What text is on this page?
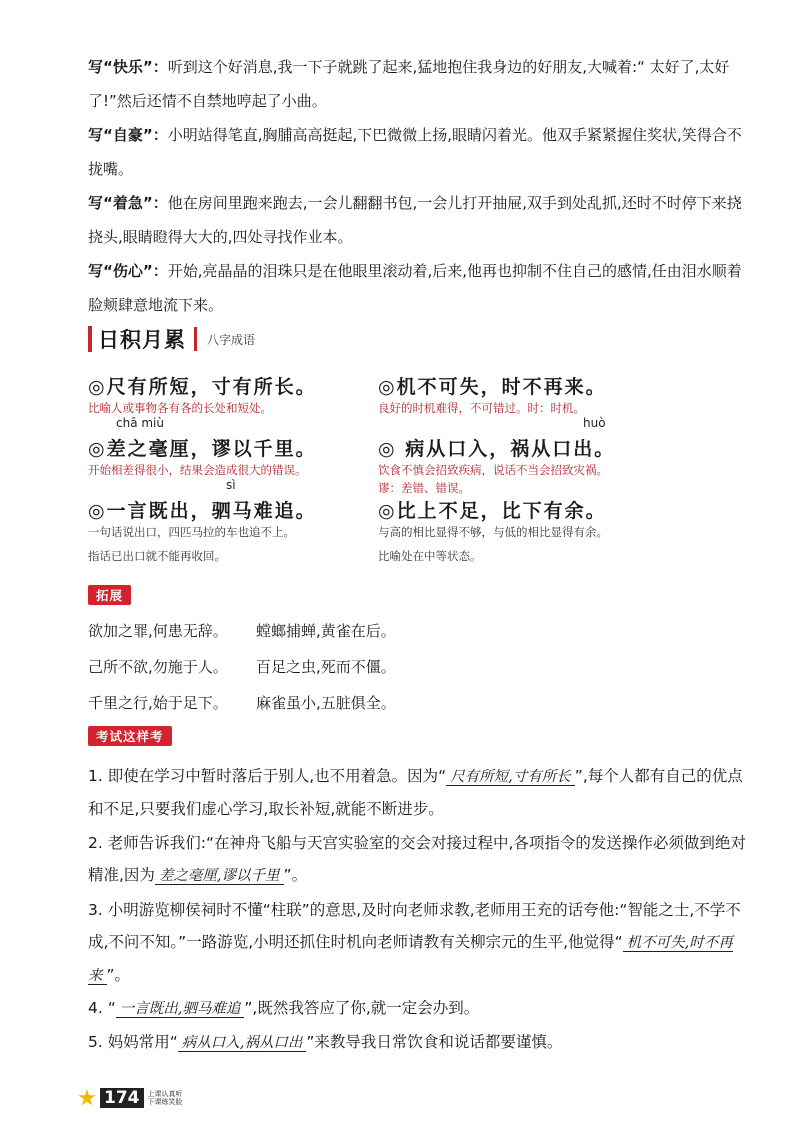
写“快乐”：听到这个好消息,我一下子就跳了起来,猛地抱住我身边的好朋友,大喊着:“ 太好了,太好了!”然后还情不自禁地哼起了小曲。

写“自豪”：小明站得笔直,胸脯高高挺起,下巴微微上扬,眼睛闪着光。他双手紧紧握住奖状,笑得合不拢嘴。

写“着急”：他在房间里跑来跑去,一会儿翻翻书包,一会儿打开抽屉,双手到处乱抓,还时不时停下来挠挠头,眼睛瞪得大大的,四处寻找作业本。

写“伤心”：开始,亮晶晶的泪珠只是在他眼里滚动着,后来,他再也抑制不住自己的感情,任由泪水顺着脸颊肆意地流下来。

日积月累 八字成语
◎尺有所短，寸有所长。

比喻人或事物各有各的长处和短处。

◎机不可失，时不再来。

良好的时机难得，不可错过。时：时机。

chā miù
◎差之毫厘，谬以千里。

开始相差得很小，结果会造成很大的错误。

huò
◎ 病从口入，祸从口出。

饮食不慎会招致疾病，说话不当会招致灾祸。

谬：差错、错误。

sì
◎一言既出，驷马难追。

一句话说出口，四匹马拉的车也追不上。

指话已出口就不能再收回。

◎比上不足，比下有余。

与高的相比显得不够，与低的相比显得有余。

比喻处在中等状态。

拓展
欲加之罪,何患无辞。 螳螂捕蝉,黄雀在后。
己所不欲,勿施于人。 百足之虫,死而不僵。
千里之行,始于足下。 麻雀虽小,五脏俱全。
考试这样考

1. 即使在学习中暂时落后于别人,也不用着急。因为“ 尺有所短,寸有所长 ”,每个人都有自己的优点和不足,只要我们虚心学习,取长补短,就能不断进步。

2. 老师告诉我们:“在神舟飞船与天宫实验室的交会对接过程中,各项指令的发送操作必须做到绝对精准,因为 差之毫厘,谬以千里 ”。

3. 小明游览柳侯祠时不懂“柱联”的意思,及时向老师求教,老师用王充的话夸他:“智能之士,不学不成,不问不知。”一路游览,小明还抓住时机向老师请教有关柳宗元的生平,他觉得“ 机不可失,时不再来 ”。

4. “ 一言既出,驷马难追 ”,既然我答应了你,就一定会办到。

5. 妈妈常用“ 病从口入,祸从口出 ”来教导我日常饮食和说话都要谨慎。

174	上课认真听
下课练笑脸
